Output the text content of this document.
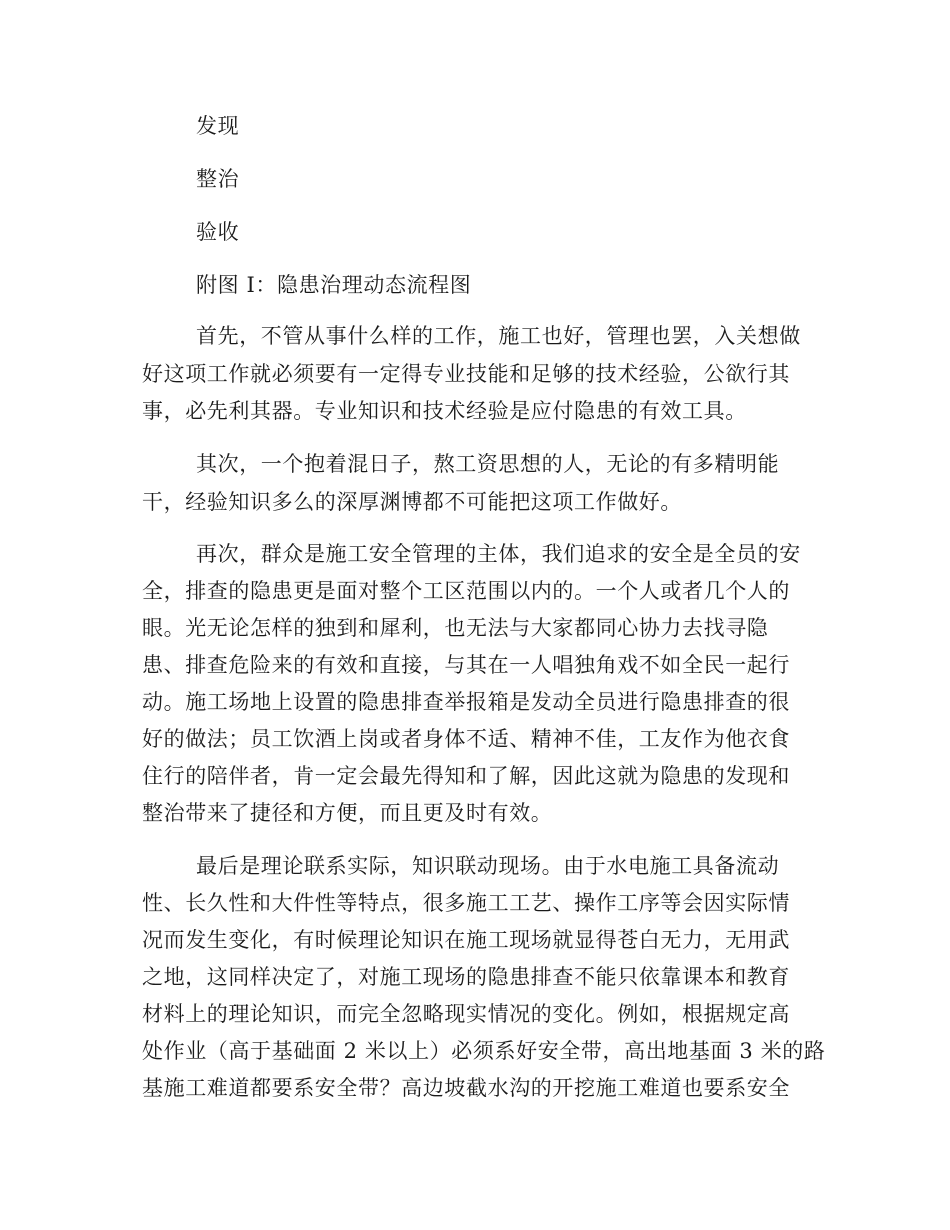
发现
整治
验收
附图 I：隐患治理动态流程图
首先，不管从事什么样的工作，施工也好，管理也罢，入关想做
好这项工作就必须要有一定得专业技能和足够的技术经验，公欲行其
事，必先利其器。专业知识和技术经验是应付隐患的有效工具。
其次，一个抱着混日子，熬工资思想的人，无论的有多精明能
干，经验知识多么的深厚渊博都不可能把这项工作做好。
再次，群众是施工安全管理的主体，我们追求的安全是全员的安
全，排查的隐患更是面对整个工区范围以内的。一个人或者几个人的
眼。光无论怎样的独到和犀利，也无法与大家都同心协力去找寻隐
患、排查危险来的有效和直接，与其在一人唱独角戏不如全民一起行
动。施工场地上设置的隐患排查举报箱是发动全员进行隐患排查的很
好的做法；员工饮酒上岗或者身体不适、精神不佳，工友作为他衣食
住行的陪伴者，肯一定会最先得知和了解，因此这就为隐患的发现和
整治带来了捷径和方便，而且更及时有效。
最后是理论联系实际，知识联动现场。由于水电施工具备流动
性、长久性和大件性等特点，很多施工工艺、操作工序等会因实际情
况而发生变化，有时候理论知识在施工现场就显得苍白无力，无用武
之地，这同样决定了，对施工现场的隐患排查不能只依靠课本和教育
材料上的理论知识，而完全忽略现实情况的变化。例如，根据规定高
处作业（高于基础面 2 米以上）必须系好安全带，高出地基面 3 米的路
基施工难道都要系安全带？高边坡截水沟的开挖施工难道也要系安全
